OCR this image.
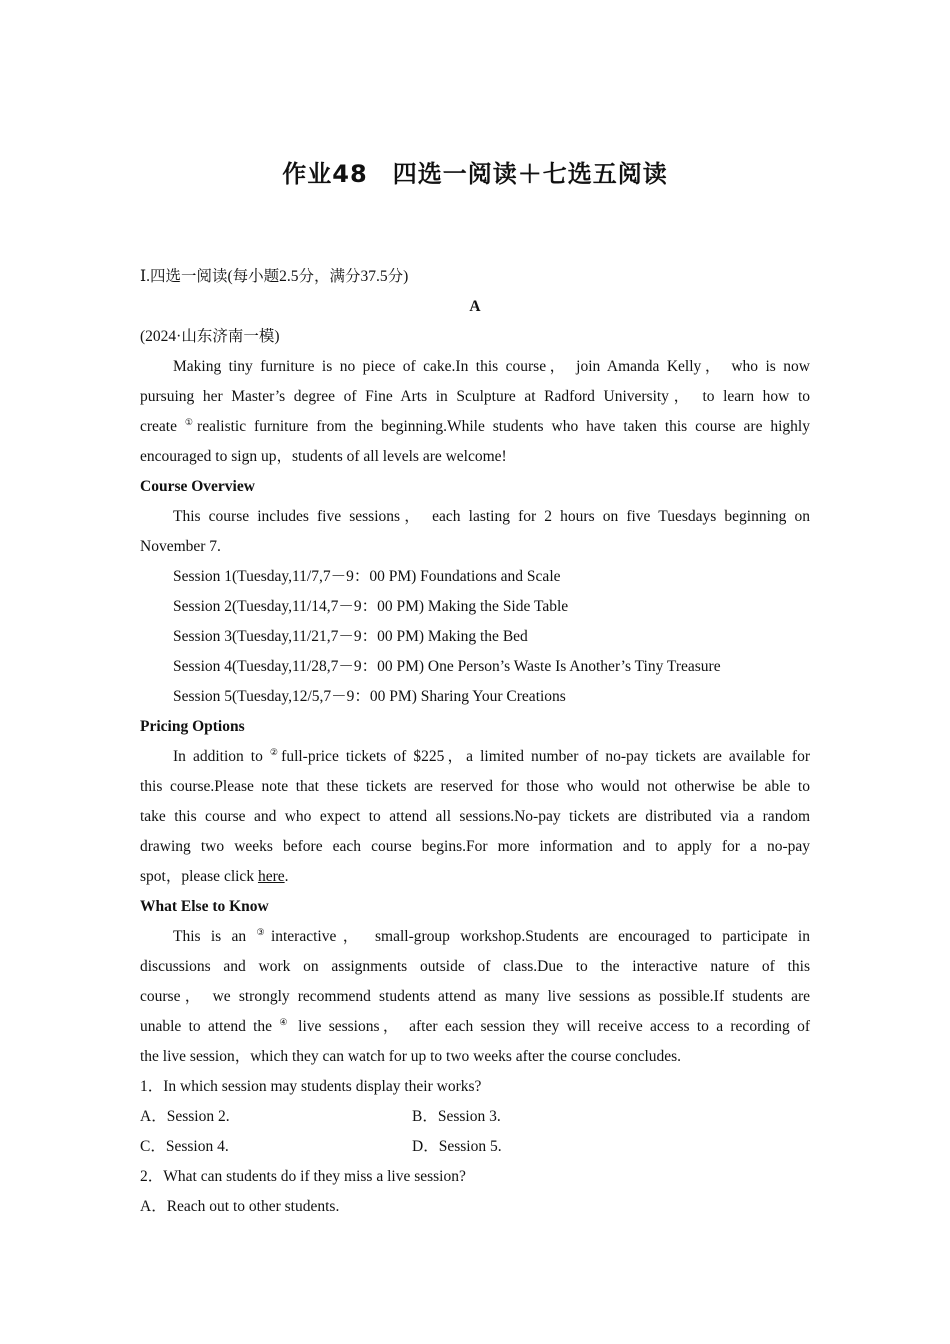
作业48　四选一阅读＋七选五阅读
Ⅰ.四选一阅读(每小题2.5分，满分37.5分)
A
(2024·山东济南一模)
Making tiny furniture is no piece of cake.In this course， join Amanda Kelly， who is now
pursuing her Master’s degree of Fine Arts in Sculpture at Radford University， to learn how to
create ①realistic furniture from the beginning.While students who have taken this course are highly
encouraged to sign up，students of all levels are welcome!
Course Overview
This course includes five sessions， each lasting for 2 hours on five Tuesdays beginning on
November 7.
Session 1(Tuesday,11/7,7－9：00 PM) Foundations and Scale
Session 2(Tuesday,11/14,7－9：00 PM) Making the Side Table
Session 3(Tuesday,11/21,7－9：00 PM) Making the Bed
Session 4(Tuesday,11/28,7－9：00 PM) One Person’s Waste Is Another’s Tiny Treasure
Session 5(Tuesday,12/5,7－9：00 PM) Sharing Your Creations
Pricing Options
In addition to ②full-price tickets of $225，a limited number of no-pay tickets are available for
this course.Please note that these tickets are reserved for those who would not otherwise be able to
take this course and who expect to attend all sessions.No-pay tickets are distributed via a random
drawing two weeks before each course begins.For more information and to apply for a no-pay
spot，please click here.
What Else to Know
This is an ③interactive， small-group workshop.Students are encouraged to participate in
discussions and work on assignments outside of class.Due to the interactive nature of this
course， we strongly recommend students attend as many live sessions as possible.If students are
unable to attend the ④ live sessions， after each session they will receive access to a recording of
the live session，which they can watch for up to two weeks after the course concludes.
1．In which session may students display their works?
A．Session 2.	B．Session 3.
C．Session 4.	D．Session 5.
2．What can students do if they miss a live session?
A．Reach out to other students.
